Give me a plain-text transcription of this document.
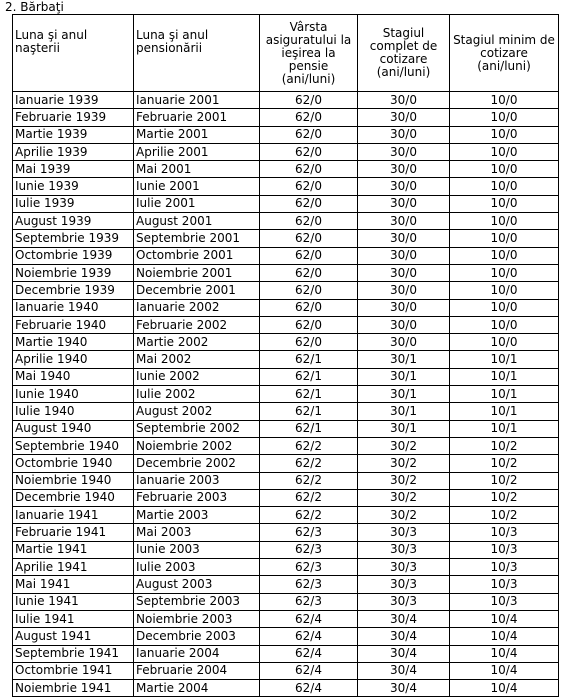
2. Bărbaţi
Luna şi anul naşterii	Luna şi anul pensionării	Vârsta asiguratului la ieşirea la pensie (ani/luni)	Stagiul complet de cotizare (ani/luni)	Stagiul minim de cotizare (ani/luni)
Ianuarie 1939	Ianuarie 2001	62/0	30/0	10/0
Februarie 1939	Februarie 2001	62/0	30/0	10/0
Martie 1939	Martie 2001	62/0	30/0	10/0
Aprilie 1939	Aprilie 2001	62/0	30/0	10/0
Mai 1939	Mai 2001	62/0	30/0	10/0
Iunie 1939	Iunie 2001	62/0	30/0	10/0
Iulie 1939	Iulie 2001	62/0	30/0	10/0
August 1939	August 2001	62/0	30/0	10/0
Septembrie 1939	Septembrie 2001	62/0	30/0	10/0
Octombrie 1939	Octombrie 2001	62/0	30/0	10/0
Noiembrie 1939	Noiembrie 2001	62/0	30/0	10/0
Decembrie 1939	Decembrie 2001	62/0	30/0	10/0
Ianuarie 1940	Ianuarie 2002	62/0	30/0	10/0
Februarie 1940	Februarie 2002	62/0	30/0	10/0
Martie 1940	Martie 2002	62/0	30/0	10/0
Aprilie 1940	Mai 2002	62/1	30/1	10/1
Mai 1940	Iunie 2002	62/1	30/1	10/1
Iunie 1940	Iulie 2002	62/1	30/1	10/1
Iulie 1940	August 2002	62/1	30/1	10/1
August 1940	Septembrie 2002	62/1	30/1	10/1
Septembrie 1940	Noiembrie 2002	62/2	30/2	10/2
Octombrie 1940	Decembrie 2002	62/2	30/2	10/2
Noiembrie 1940	Ianuarie 2003	62/2	30/2	10/2
Decembrie 1940	Februarie 2003	62/2	30/2	10/2
Ianuarie 1941	Martie 2003	62/2	30/2	10/2
Februarie 1941	Mai 2003	62/3	30/3	10/3
Martie 1941	Iunie 2003	62/3	30/3	10/3
Aprilie 1941	Iulie 2003	62/3	30/3	10/3
Mai 1941	August 2003	62/3	30/3	10/3
Iunie 1941	Septembrie 2003	62/3	30/3	10/3
Iulie 1941	Noiembrie 2003	62/4	30/4	10/4
August 1941	Decembrie 2003	62/4	30/4	10/4
Septembrie 1941	Ianuarie 2004	62/4	30/4	10/4
Octombrie 1941	Februarie 2004	62/4	30/4	10/4
Noiembrie 1941	Martie 2004	62/4	30/4	10/4
